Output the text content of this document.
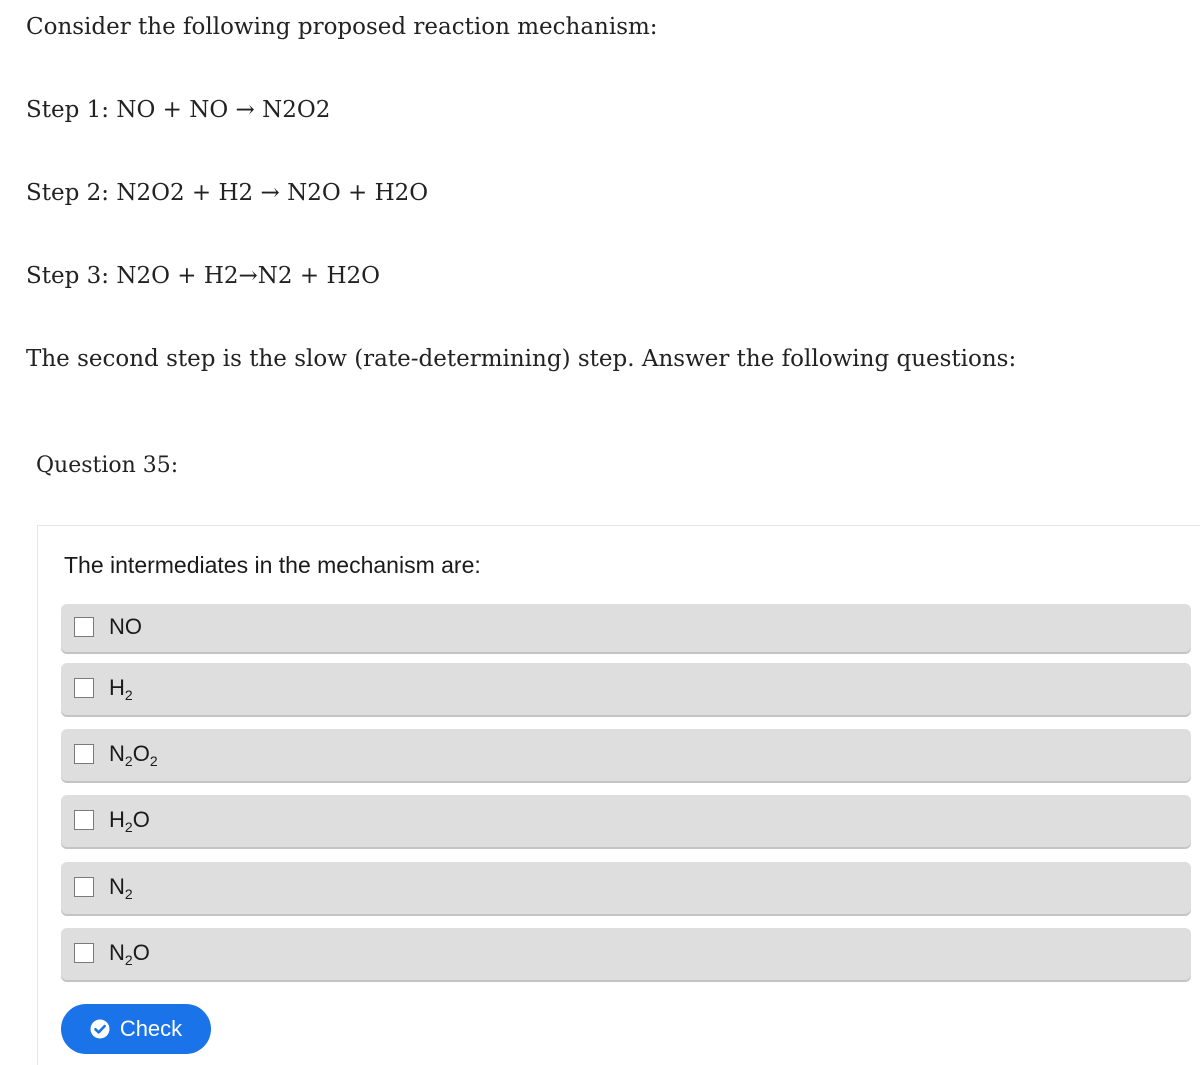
Consider the following proposed reaction mechanism:

Step 1: NO + NO → N2O2

Step 2: N2O2 + H2 → N2O + H2O

Step 3: N2O + H2→N2 + H2O

The second step is the slow (rate-determining) step. Answer the following questions:

Question 35:

The intermediates in the mechanism are:

NO
$H_2$
$N_2O_2$
$H_2O$
$N_2$
$N_2O$
Check
